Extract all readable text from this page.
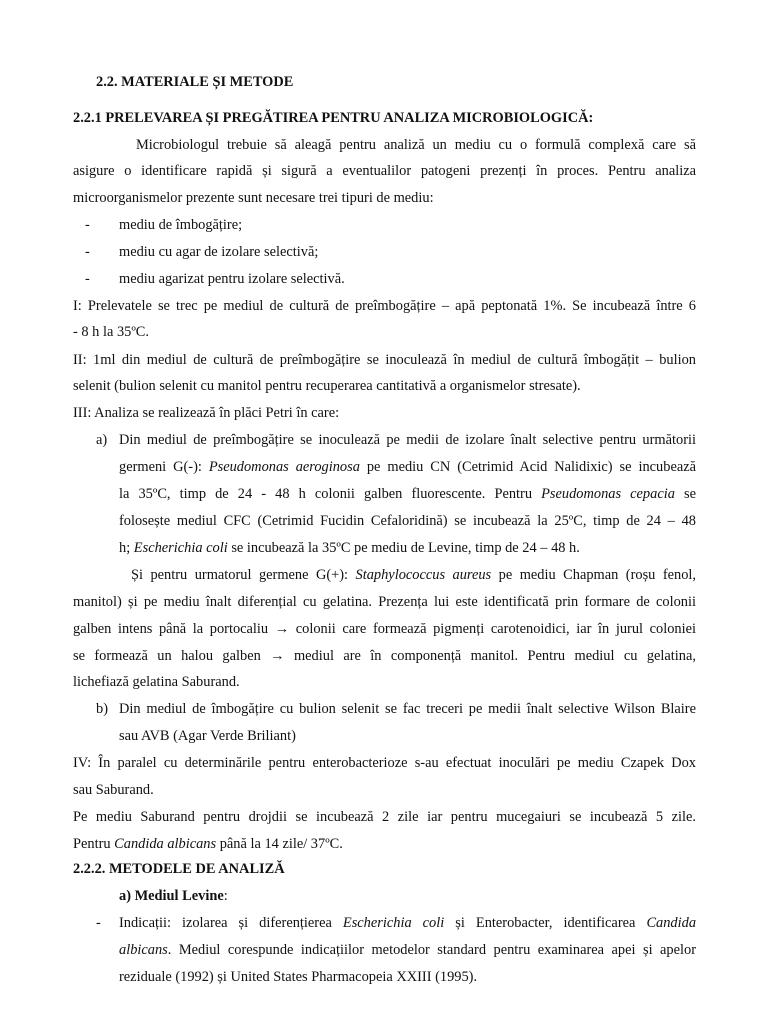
2.2. MATERIALE ȘI METODE
2.2.1 PRELEVAREA ȘI PREGĂTIREA PENTRU ANALIZA MICROBIOLOGICĂ:
Microbiologul trebuie să aleagă pentru analiză un mediu cu o formulă complexă care să
asigure o identificare rapidă și sigură a eventualilor patogeni prezenți în proces. Pentru analiza
microorganismelor prezente sunt necesare trei tipuri de mediu:
- mediu de îmbogățire;
- mediu cu agar de izolare selectivă;
- mediu agarizat pentru izolare selectivă.
I: Prelevatele se trec pe mediul de cultură de preîmbogățire – apă peptonată 1%. Se incubează între 6
- 8 h la 35ºC.
II: 1ml din mediul de cultură de preîmbogățire se inoculează în mediul de cultură îmbogățit – bulion
selenit (bulion selenit cu manitol pentru recuperarea cantitativă a organismelor stresate).
III: Analiza se realizează în plăci Petri în care:
a) Din mediul de preîmbogățire se inoculează pe medii de izolare înalt selective pentru următorii
germeni G(-): Pseudomonas aeroginosa pe mediu CN (Cetrimid Acid Nalidixic) se incubează
la 35ºC, timp de 24 - 48 h colonii galben fluorescente. Pentru Pseudomonas cepacia se
folosește mediul CFC (Cetrimid Fucidin Cefaloridină) se incubează la 25ºC, timp de 24 – 48
h; Escherichia coli se incubează la 35ºC pe mediu de Levine, timp de 24 – 48 h.
Și pentru urmatorul germene G(+): Staphylococcus aureus pe mediu Chapman (roșu fenol,
manitol) și pe mediu înalt diferențial cu gelatina. Prezența lui este identificată prin formare de colonii
galben intens până la portocaliu → colonii care formează pigmenți carotenoidici, iar în jurul coloniei
se formează un halou galben → mediul are în componență manitol. Pentru mediul cu gelatina,
lichefiază gelatina Saburand.
b) Din mediul de îmbogățire cu bulion selenit se fac treceri pe medii înalt selective Wilson Blaire
sau AVB (Agar Verde Briliant)
IV: În paralel cu determinările pentru enterobacterioze s-au efectuat inoculări pe mediu Czapek Dox
sau Saburand.
Pe mediu Saburand pentru drojdii se incubează 2 zile iar pentru mucegaiuri se incubează 5 zile.
Pentru Candida albicans până la 14 zile/ 37ºC.
2.2.2. METODELE DE ANALIZĂ
a) Mediul Levine:
- Indicații: izolarea și diferențierea Escherichia coli și Enterobacter, identificarea Candida
albicans. Mediul corespunde indicațiilor metodelor standard pentru examinarea apei și apelor
reziduale (1992) și United States Pharmacopeia XXIII (1995).
